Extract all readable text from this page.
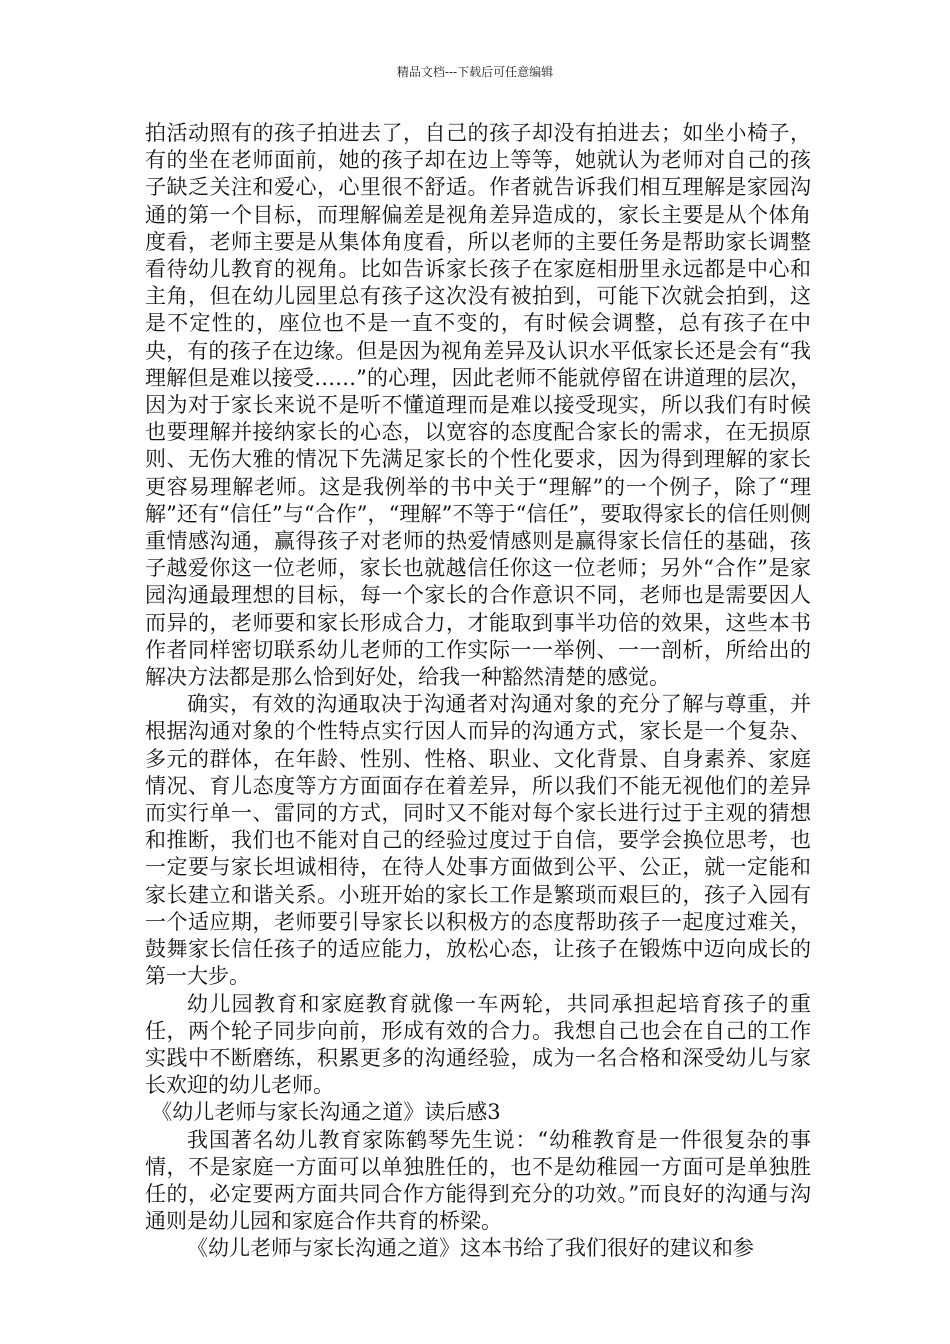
精品文档---下载后可任意编辑

拍活动照有的孩子拍进去了，自己的孩子却没有拍进去；如坐小椅子，有的坐在老师面前，她的孩子却在边上等等，她就认为老师对自己的孩子缺乏关注和爱心，心里很不舒适。作者就告诉我们相互理解是家园沟通的第一个目标，而理解偏差是视角差异造成的，家长主要是从个体角度看，老师主要是从集体角度看，所以老师的主要任务是帮助家长调整看待幼儿教育的视角。比如告诉家长孩子在家庭相册里永远都是中心和主角，但在幼儿园里总有孩子这次没有被拍到，可能下次就会拍到，这是不定性的，座位也不是一直不变的，有时候会调整，总有孩子在中央，有的孩子在边缘。但是因为视角差异及认识水平低家长还是会有“我理解但是难以接受……”的心理，因此老师不能就停留在讲道理的层次，因为对于家长来说不是听不懂道理而是难以接受现实，所以我们有时候也要理解并接纳家长的心态，以宽容的态度配合家长的需求，在无损原则、无伤大雅的情况下先满足家长的个性化要求，因为得到理解的家长更容易理解老师。这是我例举的书中关于“理解”的一个例子，除了“理解”还有“信任”与“合作”，“理解”不等于“信任”，要取得家长的信任则侧重情感沟通，赢得孩子对老师的热爱情感则是赢得家长信任的基础，孩子越爱你这一位老师，家长也就越信任你这一位老师；另外“合作”是家园沟通最理想的目标，每一个家长的合作意识不同，老师也是需要因人而异的，老师要和家长形成合力，才能取到事半功倍的效果，这些本书作者同样密切联系幼儿老师的工作实际一一举例、一一剖析，所给出的解决方法都是那么恰到好处，给我一种豁然清楚的感觉。

确实，有效的沟通取决于沟通者对沟通对象的充分了解与尊重，并根据沟通对象的个性特点实行因人而异的沟通方式，家长是一个复杂、多元的群体，在年龄、性别、性格、职业、文化背景、自身素养、家庭情况、育儿态度等方方面面存在着差异，所以我们不能无视他们的差异而实行单一、雷同的方式，同时又不能对每个家长进行过于主观的猜想和推断，我们也不能对自己的经验过度过于自信，要学会换位思考，也一定要与家长坦诚相待，在待人处事方面做到公平、公正，就一定能和家长建立和谐关系。小班开始的家长工作是繁琐而艰巨的，孩子入园有一个适应期，老师要引导家长以积极方的态度帮助孩子一起度过难关，鼓舞家长信任孩子的适应能力，放松心态，让孩子在锻炼中迈向成长的第一大步。

幼儿园教育和家庭教育就像一车两轮，共同承担起培育孩子的重任，两个轮子同步向前，形成有效的合力。我想自己也会在自己的工作实践中不断磨练，积累更多的沟通经验，成为一名合格和深受幼儿与家长欢迎的幼儿老师。

《幼儿老师与家长沟通之道》读后感3

我国著名幼儿教育家陈鹤琴先生说：“幼稚教育是一件很复杂的事情，不是家庭一方面可以单独胜任的，也不是幼稚园一方面可是单独胜任的，必定要两方面共同合作方能得到充分的功效。”而良好的沟通与沟通则是幼儿园和家庭合作共育的桥梁。

《幼儿老师与家长沟通之道》这本书给了我们很好的建议和参
